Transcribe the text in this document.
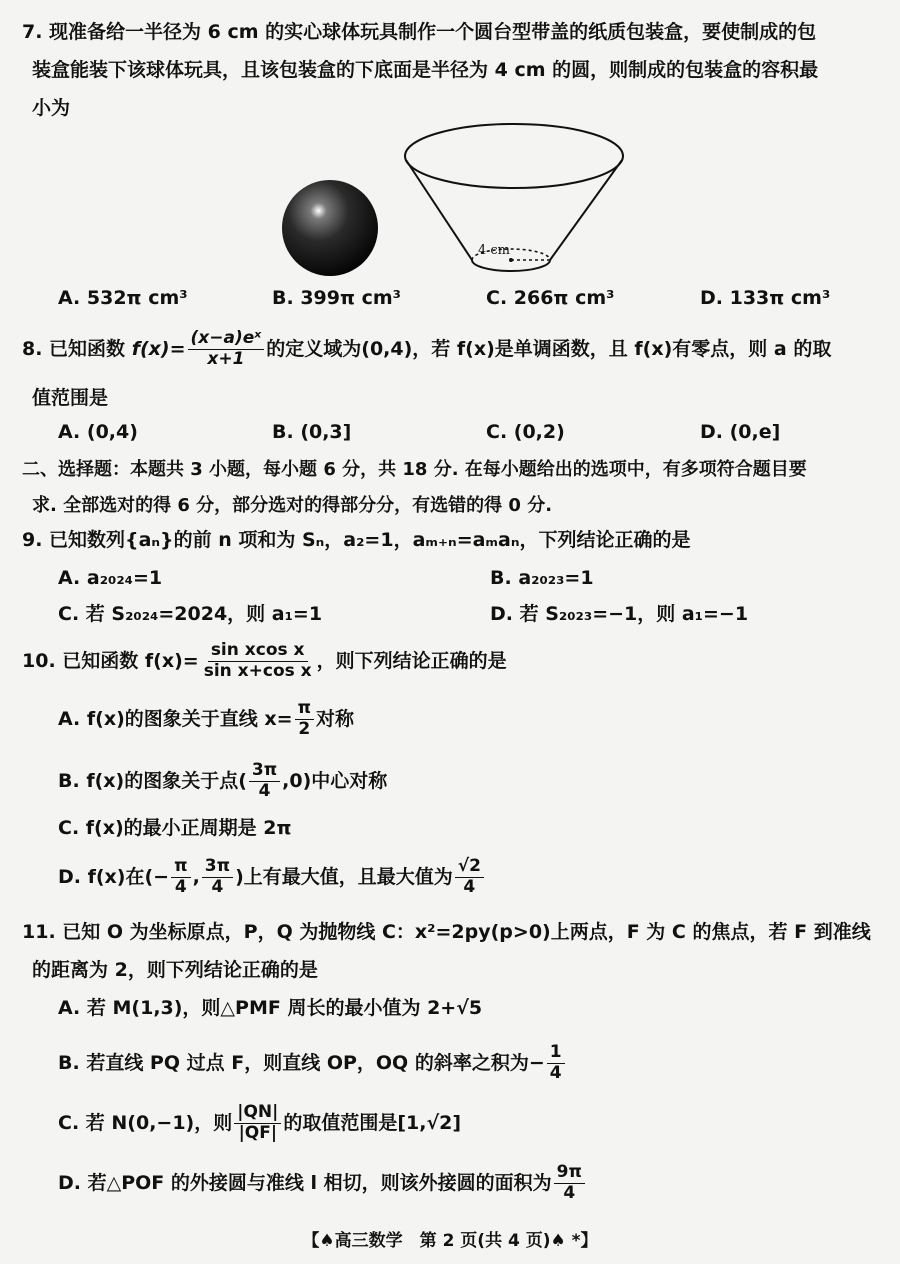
7. 现准备给一半径为 6 cm 的实心球体玩具制作一个圆台型带盖的纸质包装盒，要使制成的包
装盒能装下该球体玩具，且该包装盒的下底面是半径为 4 cm 的圆，则制成的包装盒的容积最
小为
4 cm
A. 532π cm³	B. 399π cm³	C. 266π cm³	D. 133π cm³
8. 已知函数 $f(x)= \frac{\text{(x−a)eˣ}}{x+1}$ 的定义域为(0,4)，若 f(x)是单调函数，且 f(x)有零点，则 a 的取
值范围是
A. (0,4)	B. (0,3]	C. (0,2)	D. (0,e]
二、选择题：本题共 3 小题，每小题 6 分，共 18 分. 在每小题给出的选项中，有多项符合题目要
求. 全部选对的得 6 分，部分选对的得部分分，有选错的得 0 分.
9. 已知数列{aₙ}的前 n 项和为 Sₙ，a₂=1，aₘ₊ₙ=aₘaₙ，下列结论正确的是
A. a₂₀₂₄=1	B. a₂₀₂₃=1
C. 若 S₂₀₂₄=2024，则 a₁=1	D. 若 S₂₀₂₃=−1，则 a₁=−1
10. 已知函数 $f(x)= \frac{\text{sin xcos x}}{\text{sin x+cos x}}$ ，则下列结论正确的是
A. f(x)的图象关于直线 $x= \frac{\pi}{2}$ 对称
B. f(x)的图象关于点( $\frac{3\pi}{4} ,0$)中心对称
C. f(x)的最小正周期是 2π
D. f(x)在(− $\frac{\pi}{4}$ , $\frac{3\pi}{4}$ )上有最大值，且最大值为 $\frac{√2}{4}$
11. 已知 O 为坐标原点，P，Q 为抛物线 C：x²=2py(p>0)上两点，F 为 C 的焦点，若 F 到准线
的距离为 2，则下列结论正确的是
A. 若 M(1,3)，则△PMF 周长的最小值为 2+√5
B. 若直线 PQ 过点 F，则直线 OP，OQ 的斜率之积为− $\frac{1}{4}$
C. 若 N(0,−1)，则 $\frac{|QN|}{|QF|}$ 的取值范围是[1,√2]
D. 若△POF 的外接圆与准线 l 相切，则该外接圆的面积为 $\frac{9\pi}{4}$
【♠高三数学　第 2 页(共 4 页)♠ *】
